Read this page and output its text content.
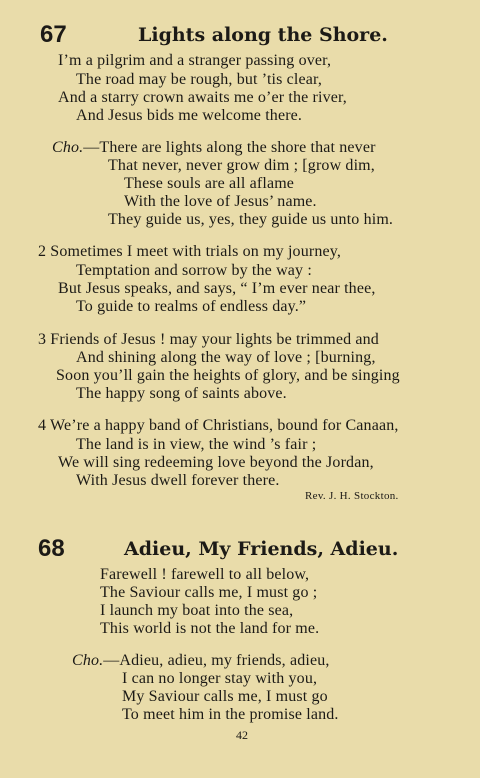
67	Lights along the Shore.
I’m a pilgrim and a stranger passing over,
The road may be rough, but ’tis clear,
And a starry crown awaits me o’er the river,
And Jesus bids me welcome there.
Cho.—There are lights along the shore that never
That never, never grow dim ; [grow dim,
These souls are all aflame
With the love of Jesus’ name.
They guide us, yes, they guide us unto him.
2 Sometimes I meet with trials on my journey,
Temptation and sorrow by the way :
But Jesus speaks, and says, “ I’m ever near thee,
To guide to realms of endless day.”
3 Friends of Jesus ! may your lights be trimmed and
And shining along the way of love ; [burning,
Soon you’ll gain the heights of glory, and be singing
The happy song of saints above.
4 We’re a happy band of Christians, bound for Canaan,
The land is in view, the wind ’s fair ;
We will sing redeeming love beyond the Jordan,
With Jesus dwell forever there.
Rev. J. H. Stockton.
68	Adieu, My Friends, Adieu.
Farewell ! farewell to all below,
The Saviour calls me, I must go ;
I launch my boat into the sea,
This world is not the land for me.
Cho.—Adieu, adieu, my friends, adieu,
I can no longer stay with you,
My Saviour calls me, I must go
To meet him in the promise land.
42
